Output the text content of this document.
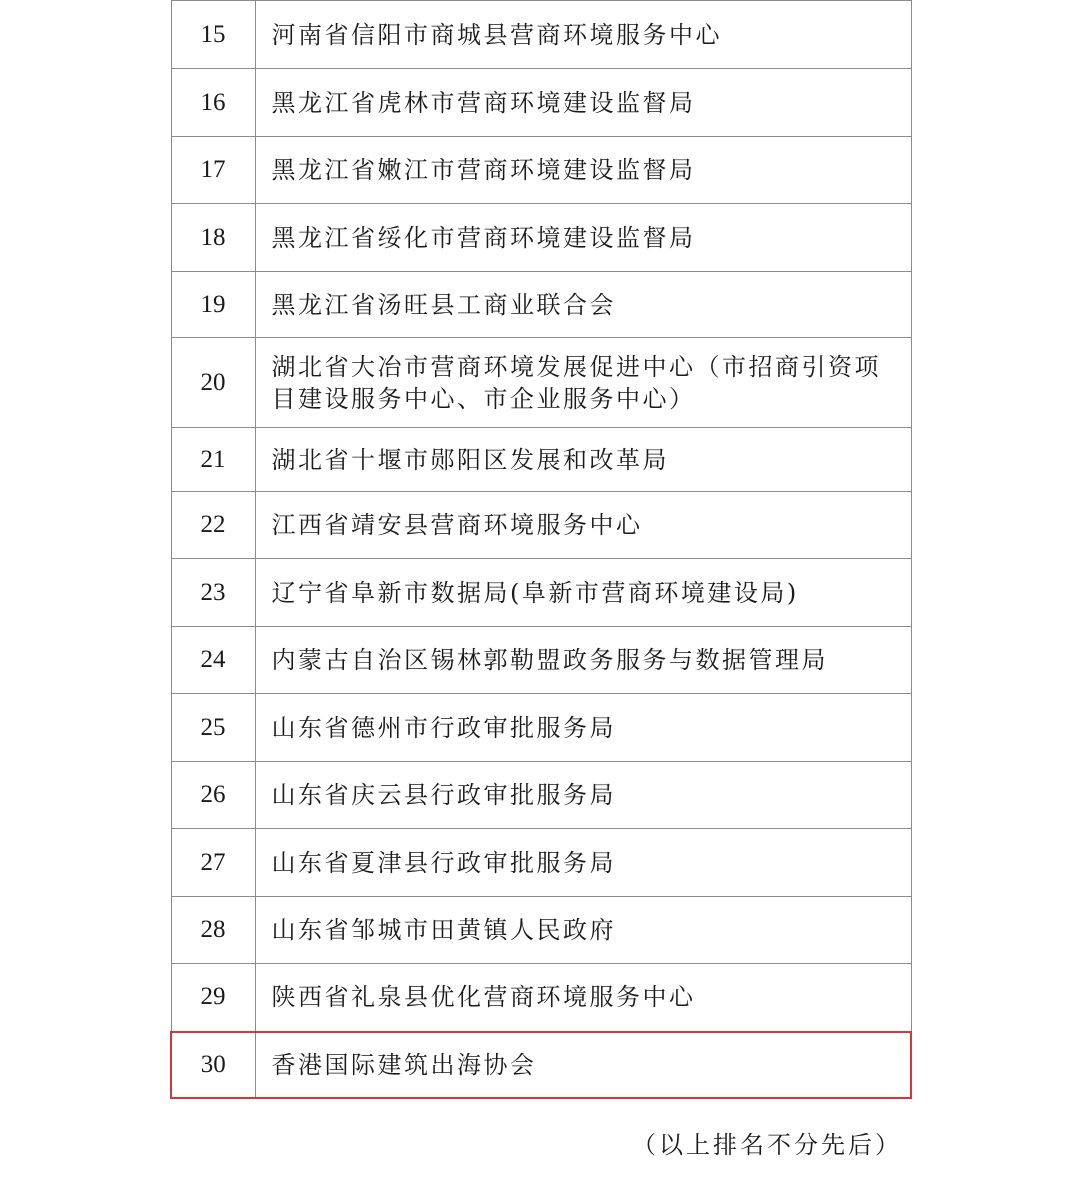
15	河南省信阳市商城县营商环境服务中心
16	黑龙江省虎林市营商环境建设监督局
17	黑龙江省嫩江市营商环境建设监督局
18	黑龙江省绥化市营商环境建设监督局
19	黑龙江省汤旺县工商业联合会
20	湖北省大冶市营商环境发展促进中心（市招商引资项目建设服务中心、市企业服务中心）
21	湖北省十堰市郧阳区发展和改革局
22	江西省靖安县营商环境服务中心
23	辽宁省阜新市数据局(阜新市营商环境建设局)
24	内蒙古自治区锡林郭勒盟政务服务与数据管理局
25	山东省德州市行政审批服务局
26	山东省庆云县行政审批服务局
27	山东省夏津县行政审批服务局
28	山东省邹城市田黄镇人民政府
29	陕西省礼泉县优化营商环境服务中心
30	香港国际建筑出海协会
（以上排名不分先后）
